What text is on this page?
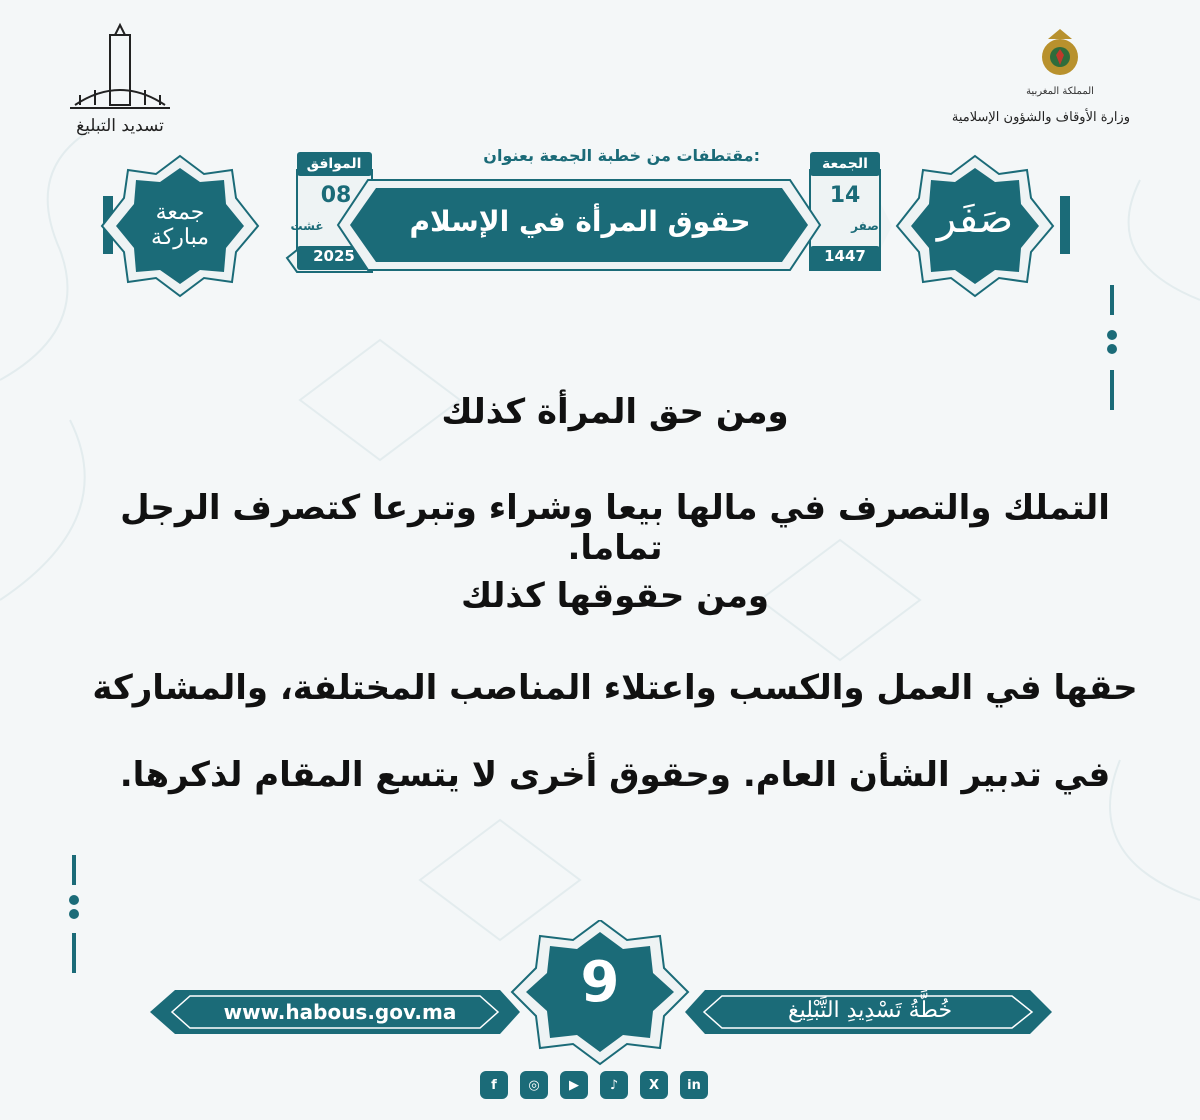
تسديد التبليغ
المملكة المغربية
وزارة الأوقاف والشؤون الإسلامية
مقتطفات من خطبة الجمعة بعنوان:
حقوق المرأة في الإسلام
الجمعة
14
صفر
1447
الموافق
08
غشت
2025
صَفَر
جمعة مباركة
ومن حق المرأة كذلك
التملك والتصرف في مالها بيعا وشراء وتبرعا كتصرف الرجل تماما.
ومن حقوقها كذلك
حقها في العمل والكسب واعتلاء المناصب المختلفة، والمشاركة
في تدبير الشأن العام. وحقوق أخرى لا يتسع المقام لذكرها.
9
www.habous.gov.ma	خُطَّةُ تَسْدِيدِ التَّبْلِيغ
f	◎	▶	♪	X	in
